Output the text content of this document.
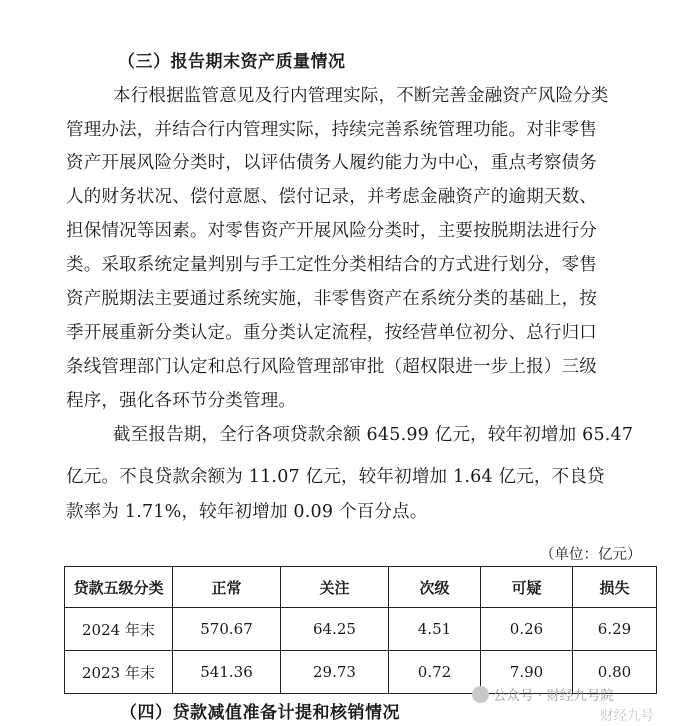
（三）报告期末资产质量情况
本行根据监管意见及行内管理实际，不断完善金融资产风险分类
管理办法，并结合行内管理实际，持续完善系统管理功能。对非零售
资产开展风险分类时，以评估债务人履约能力为中心，重点考察债务
人的财务状况、偿付意愿、偿付记录，并考虑金融资产的逾期天数、
担保情况等因素。对零售资产开展风险分类时，主要按脱期法进行分
类。采取系统定量判别与手工定性分类相结合的方式进行划分，零售
资产脱期法主要通过系统实施，非零售资产在系统分类的基础上，按
季开展重新分类认定。重分类认定流程，按经营单位初分、总行归口
条线管理部门认定和总行风险管理部审批（超权限进一步上报）三级
程序，强化各环节分类管理。
截至报告期，全行各项贷款余额 645.99 亿元，较年初增加 65.47
亿元。不良贷款余额为 11.07 亿元，较年初增加 1.64 亿元，不良贷
款率为 1.71%，较年初增加 0.09 个百分点。
（单位：亿元）
贷款五级分类	正常	关注	次级	可疑	损失
2024 年末	570.67	64.25	4.51	0.26	6.29
2023 年末	541.36	29.73	0.72	7.90	0.80
（四）贷款减值准备计提和核销情况
公众号 · 财经九号院
财经九号
